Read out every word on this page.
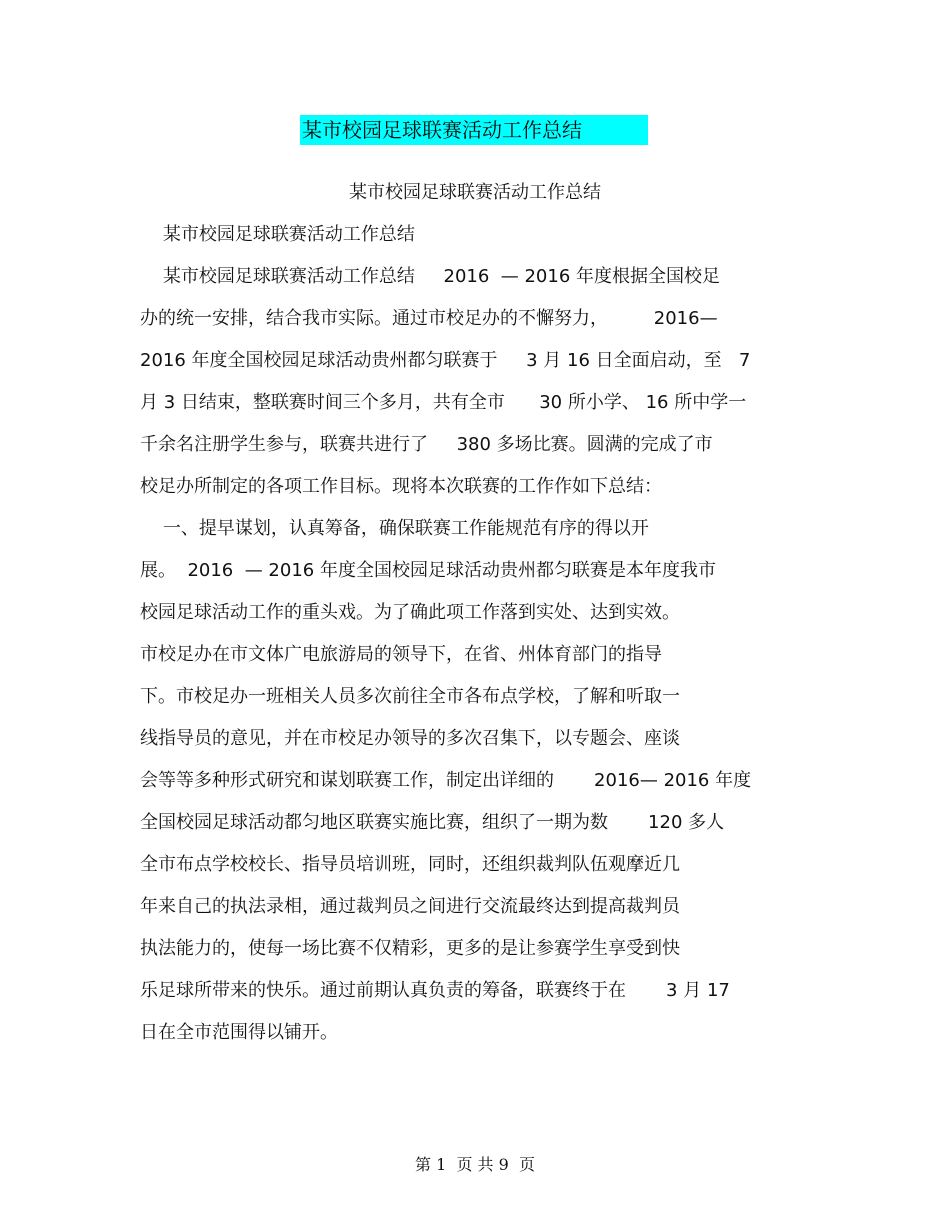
某市校园足球联赛活动工作总结
某市校园足球联赛活动工作总结
某市校园足球联赛活动工作总结
某市校园足球联赛活动工作总结     2016  — 2016 年度根据全国校足
办的统一安排，结合我市实际。通过市校足办的不懈努力，        2016—
2016 年度全国校园足球活动贵州都匀联赛于     3 月 16 日全面启动，至   7
月 3 日结束，整联赛时间三个多月，共有全市      30 所小学、 16 所中学一
千余名注册学生参与，联赛共进行了     380 多场比赛。圆满的完成了市
校足办所制定的各项工作目标。现将本次联赛的工作作如下总结：
一、提早谋划，认真筹备，确保联赛工作能规范有序的得以开
展。  2016  — 2016 年度全国校园足球活动贵州都匀联赛是本年度我市
校园足球活动工作的重头戏。为了确此项工作落到实处、达到实效。
市校足办在市文体广电旅游局的领导下，在省、州体育部门的指导
下。市校足办一班相关人员多次前往全市各布点学校，了解和听取一
线指导员的意见，并在市校足办领导的多次召集下，以专题会、座谈
会等等多种形式研究和谋划联赛工作，制定出详细的       2016— 2016 年度
全国校园足球活动都匀地区联赛实施比赛，组织了一期为数       120 多人
全市布点学校校长、指导员培训班，同时，还组织裁判队伍观摩近几
年来自己的执法录相，通过裁判员之间进行交流最终达到提高裁判员
执法能力的，使每一场比赛不仅精彩，更多的是让参赛学生享受到快
乐足球所带来的快乐。通过前期认真负责的筹备，联赛终于在       3 月 17
日在全市范围得以铺开。
第 1  页 共 9  页
